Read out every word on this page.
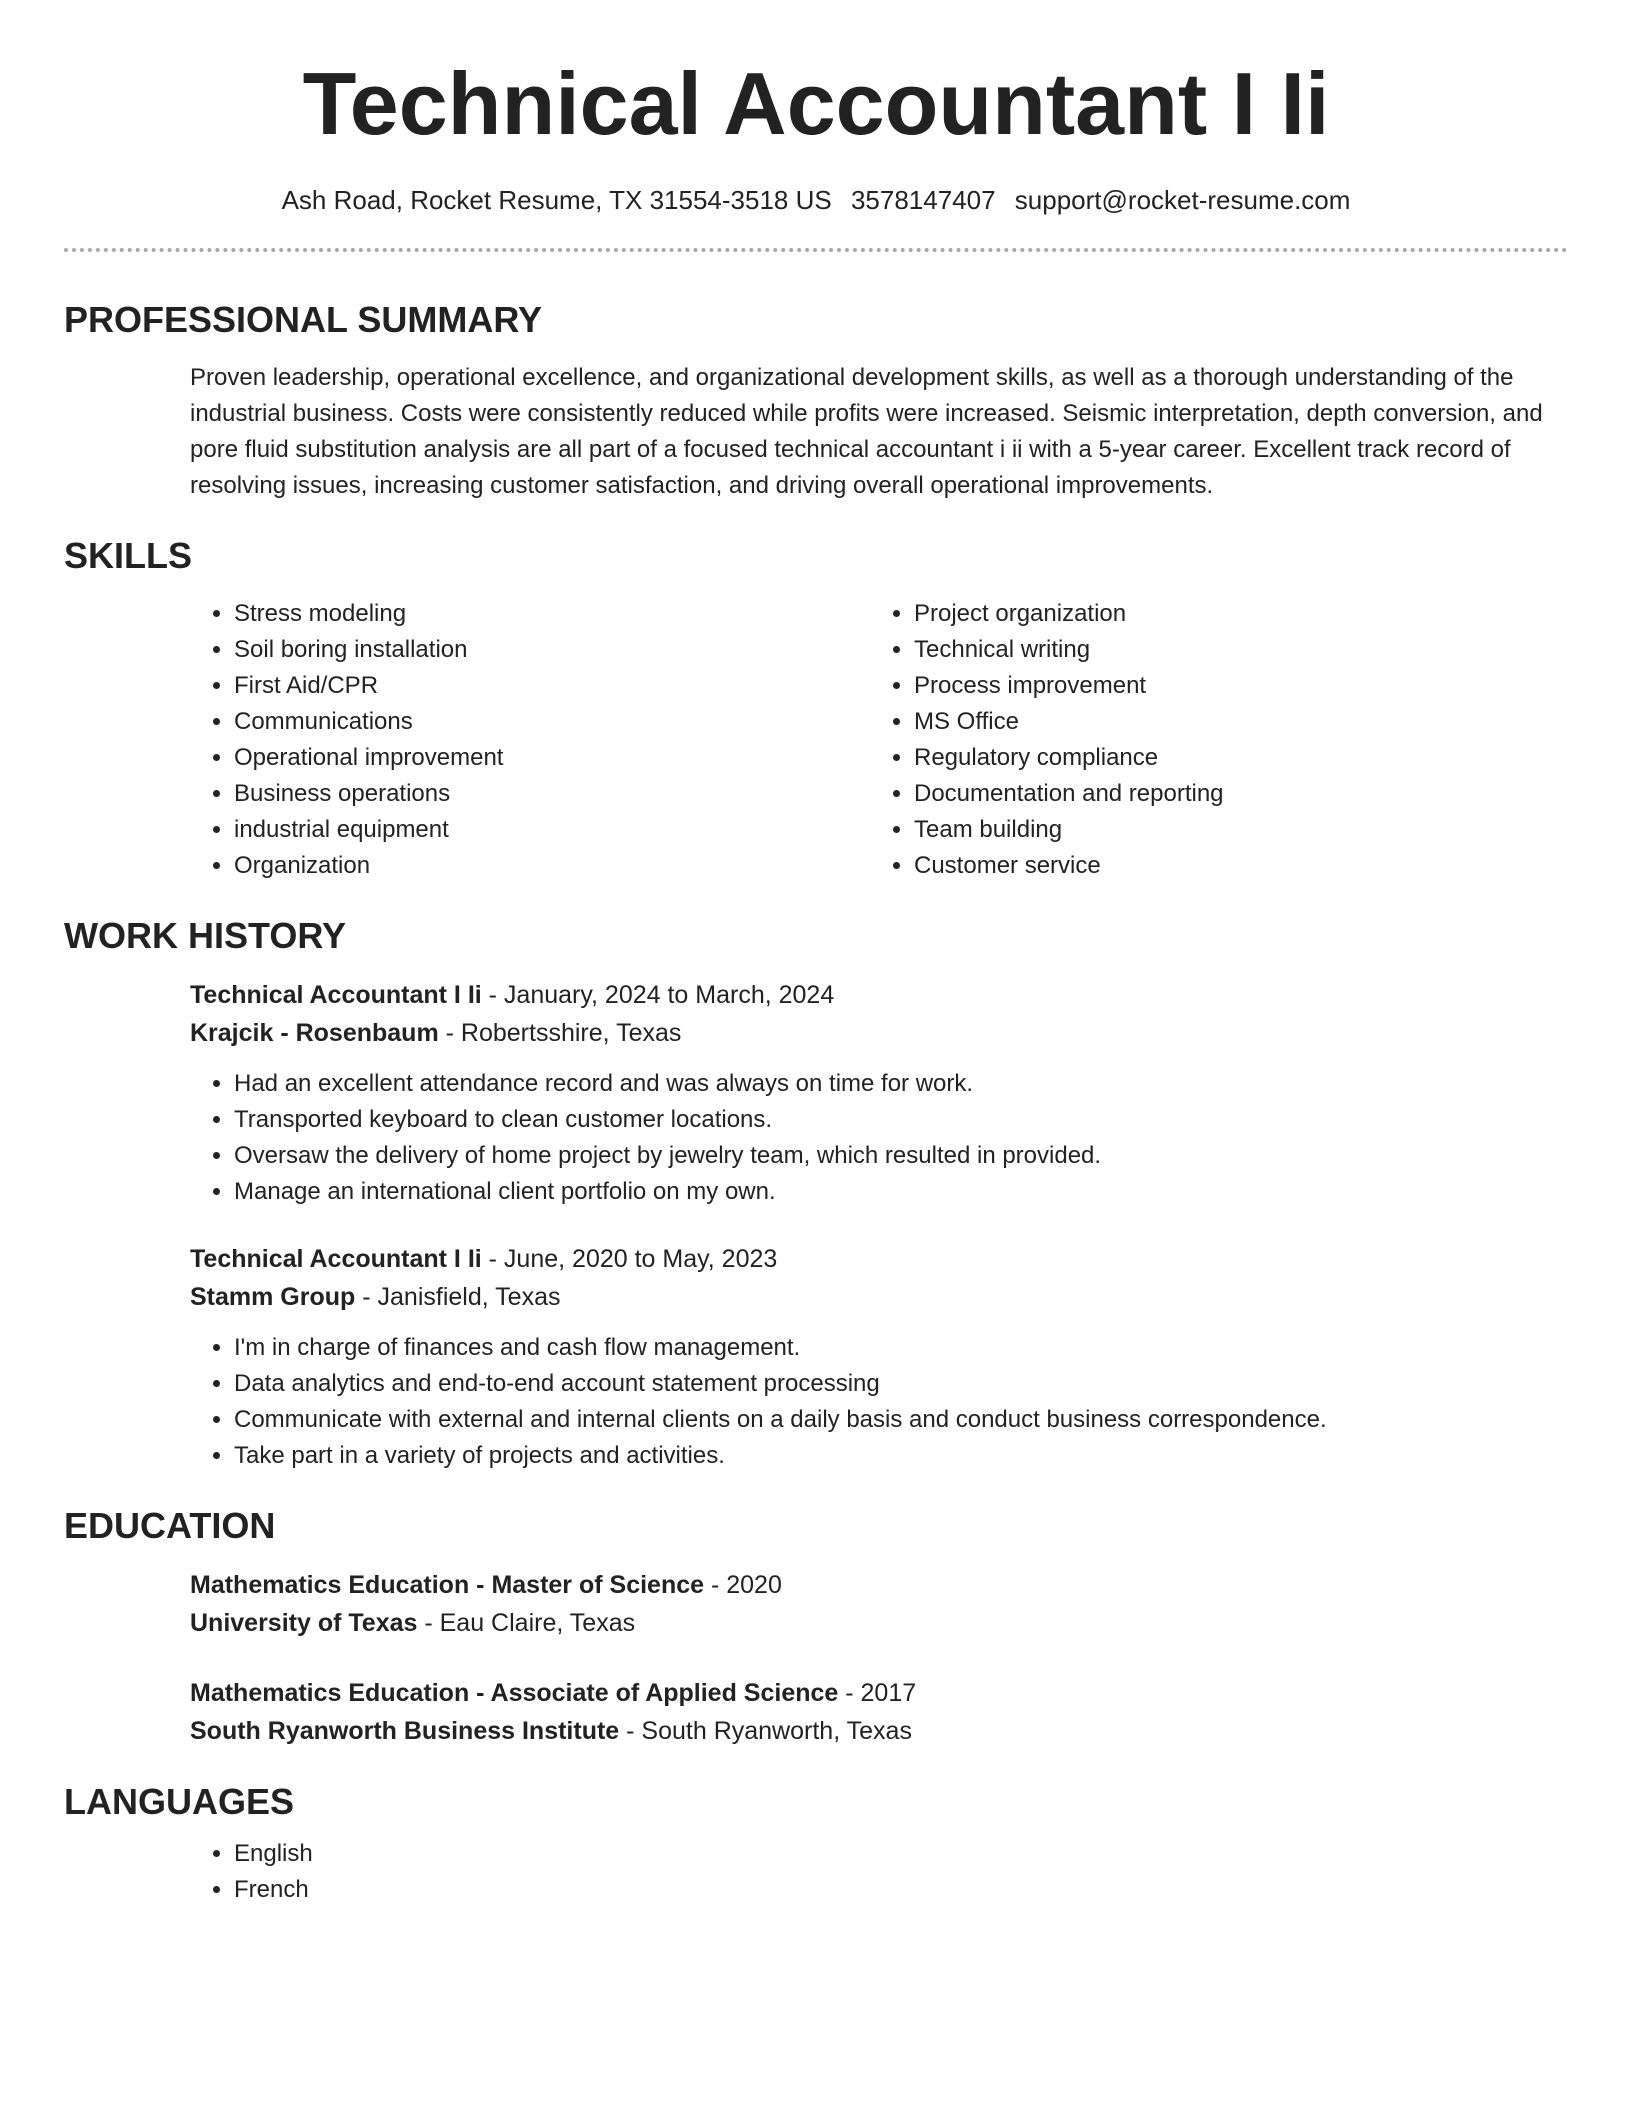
Technical Accountant I Ii
Ash Road, Rocket Resume, TX 31554-3518 US 3578147407 support@rocket-resume.com
PROFESSIONAL SUMMARY

Proven leadership, operational excellence, and organizational development skills, as well as a thorough understanding of the industrial business. Costs were consistently reduced while profits were increased. Seismic interpretation, depth conversion, and pore fluid substitution analysis are all part of a focused technical accountant i ii with a 5-year career. Excellent track record of resolving issues, increasing customer satisfaction, and driving overall operational improvements.

SKILLS
• Stress modeling
• Soil boring installation
• First Aid/CPR
• Communications
• Operational improvement
• Business operations
• industrial equipment
• Organization
• Project organization
• Technical writing
• Process improvement
• MS Office
• Regulatory compliance
• Documentation and reporting
• Team building
• Customer service
WORK HISTORY
Technical Accountant I Ii - January, 2024 to March, 2024
Krajcik - Rosenbaum - Robertsshire, Texas
• Had an excellent attendance record and was always on time for work.
• Transported keyboard to clean customer locations.
• Oversaw the delivery of home project by jewelry team, which resulted in provided.
• Manage an international client portfolio on my own.
Technical Accountant I Ii - June, 2020 to May, 2023
Stamm Group - Janisfield, Texas
• I'm in charge of finances and cash flow management.
• Data analytics and end-to-end account statement processing
• Communicate with external and internal clients on a daily basis and conduct business correspondence.
• Take part in a variety of projects and activities.
EDUCATION
Mathematics Education - Master of Science - 2020
University of Texas - Eau Claire, Texas
Mathematics Education - Associate of Applied Science - 2017
South Ryanworth Business Institute - South Ryanworth, Texas
LANGUAGES
• English
• French
